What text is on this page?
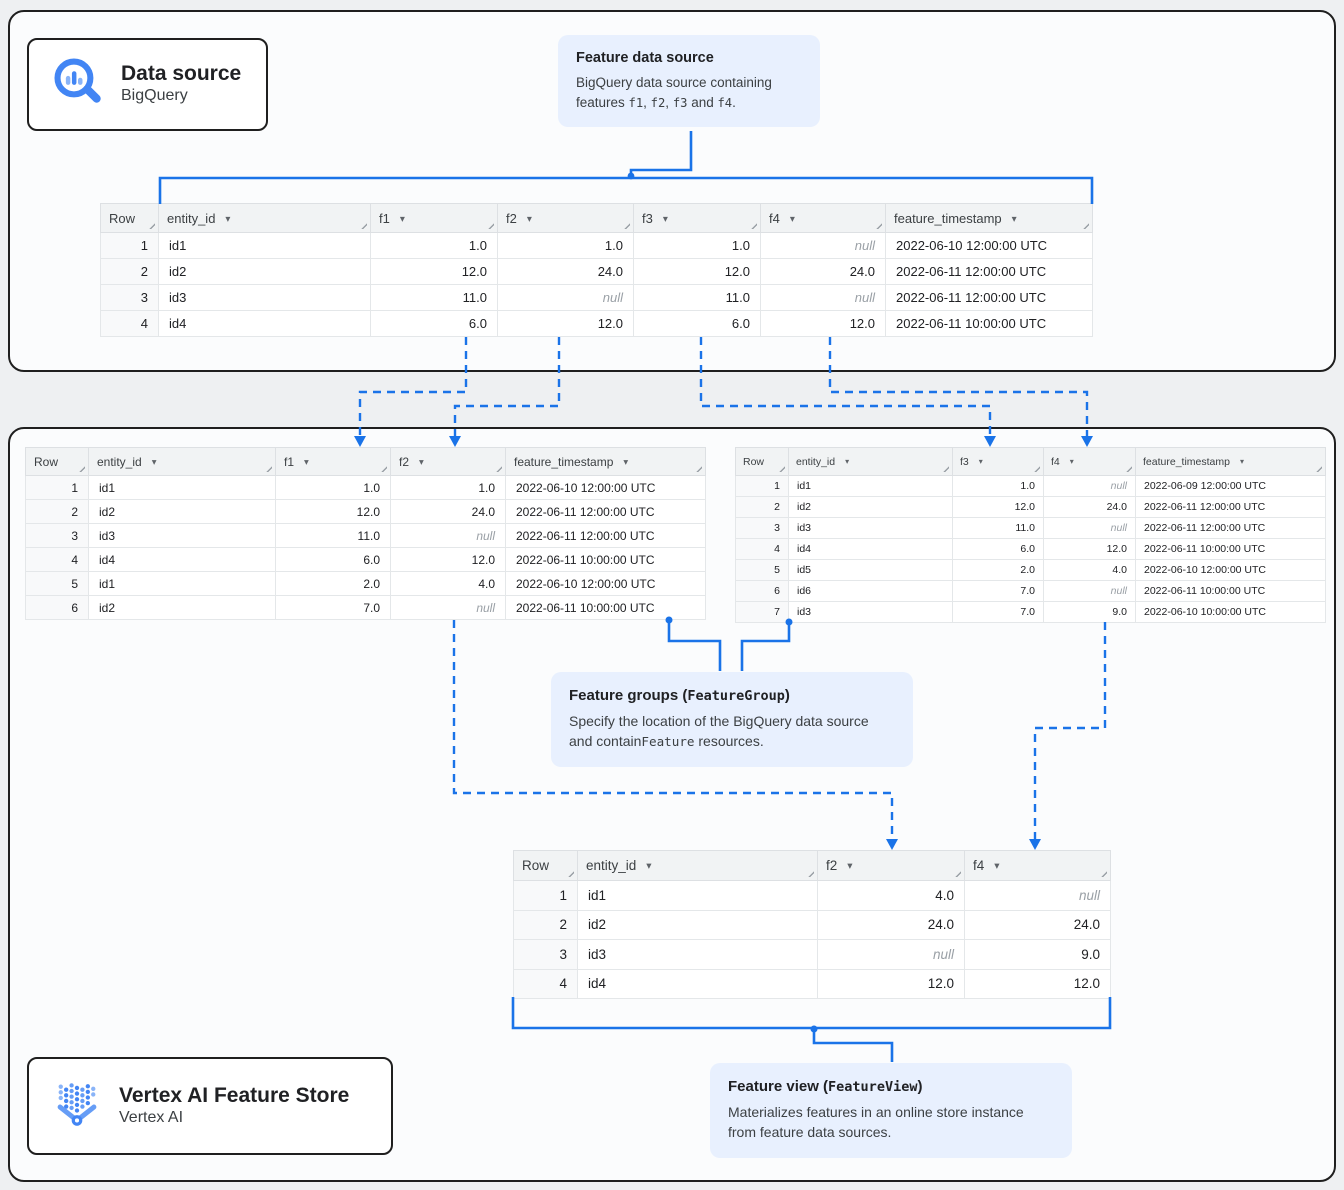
Data source
BigQuery
Vertex AI Feature Store
Vertex AI
Feature data source
BigQuery data source containing features f1, f2, f3 and f4.
Feature groups (FeatureGroup)
Specify the location of the BigQuery data source and containFeature resources.
Feature view (FeatureView)
Materializes features in an online store instance from feature data sources.
Row	entity_id ▾	f1 ▾	f2 ▾	f3 ▾	f4 ▾	feature_timestamp ▾

1	id1	1.0	1.0	1.0	null	2022-06-10 12:00:00 UTC
2	id2	12.0	24.0	12.0	24.0	2022-06-11 12:00:00 UTC
3	id3	11.0	null	11.0	null	2022-06-11 12:00:00 UTC
4	id4	6.0	12.0	6.0	12.0	2022-06-11 10:00:00 UTC
Row	entity_id ▾	f1 ▾	f2 ▾	feature_timestamp ▾

1	id1	1.0	1.0	2022-06-10 12:00:00 UTC
2	id2	12.0	24.0	2022-06-11 12:00:00 UTC
3	id3	11.0	null	2022-06-11 12:00:00 UTC
4	id4	6.0	12.0	2022-06-11 10:00:00 UTC
5	id1	2.0	4.0	2022-06-10 12:00:00 UTC
6	id2	7.0	null	2022-06-11 10:00:00 UTC
Row	entity_id ▾	f3 ▾	f4 ▾	feature_timestamp ▾

1	id1	1.0	null	2022-06-09 12:00:00 UTC
2	id2	12.0	24.0	2022-06-11 12:00:00 UTC
3	id3	11.0	null	2022-06-11 12:00:00 UTC
4	id4	6.0	12.0	2022-06-11 10:00:00 UTC
5	id5	2.0	4.0	2022-06-10 12:00:00 UTC
6	id6	7.0	null	2022-06-11 10:00:00 UTC
7	id3	7.0	9.0	2022-06-10 10:00:00 UTC
Row	entity_id ▾	f2 ▾	f4 ▾

1	id1	4.0	null
2	id2	24.0	24.0
3	id3	null	9.0
4	id4	12.0	12.0
